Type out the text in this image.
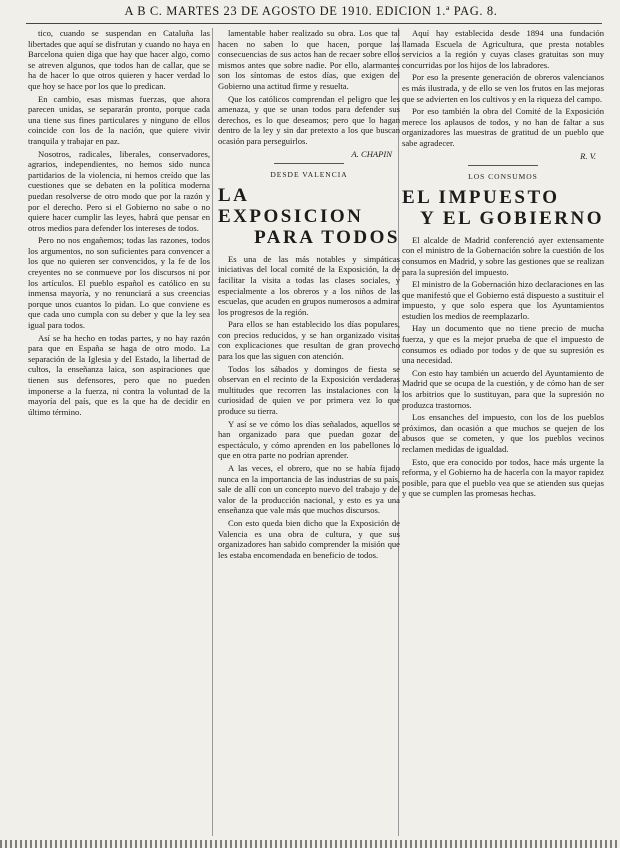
A B C. MARTES 23 DE AGOSTO DE 1910. EDICION 1.ª PAG. 8.

tico, cuando se suspendan en Cataluña las libertades que aquí se disfrutan y cuando no haya en Barcelona quien diga que hay que hacer algo, como se atreven algunos, que todos han de callar, que se ha de hacer lo que otros quieren y hacer verdad lo que hoy se hace por los que lo predican.

En cambio, esas mismas fuerzas, que ahora parecen unidas, se separarán pronto, porque cada una tiene sus fines particulares y ninguno de ellos coincide con los de la nación, que quiere vivir tranquila y trabajar en paz.

Nosotros, radicales, liberales, conservadores, agrarios, independientes, no hemos sido nunca partidarios de la violencia, ni hemos creído que las cuestiones que se debaten en la política moderna puedan resolverse de otro modo que por la razón y por el derecho. Pero si el Gobierno no sabe o no quiere hacer cumplir las leyes, habrá que pensar en otros medios para defender los intereses de todos.

Pero no nos engañemos; todas las razones, todos los argumentos, no son suficientes para convencer a los que no quieren ser convencidos, y la fe de los creyentes no se conmueve por los discursos ni por los artículos. El pueblo español es católico en su inmensa mayoría, y no renunciará a sus creencias porque unos cuantos lo pidan. Lo que conviene es que cada uno cumpla con su deber y que la ley sea igual para todos.

Así se ha hecho en todas partes, y no hay razón para que en España se haga de otro modo. La separación de la Iglesia y del Estado, la libertad de cultos, la enseñanza laica, son aspiraciones que tienen sus defensores, pero que no pueden imponerse a la fuerza, ni contra la voluntad de la mayoría del país, que es la que ha de decidir en último término.

lamentable haber realizado su obra. Los que tal hacen no saben lo que hacen, porque las consecuencias de sus actos han de recaer sobre ellos mismos antes que sobre nadie. Por ello, alarmantes son los síntomas de estos días, que exigen del Gobierno una actitud firme y resuelta.

Que los católicos comprendan el peligro que les amenaza, y que se unan todos para defender sus derechos, es lo que deseamos; pero que lo hagan dentro de la ley y sin dar pretexto a los que buscan ocasión para perseguirlos.

A. CHAPIN
DESDE VALENCIA
LA EXPOSICION
PARA TODOS

Es una de las más notables y simpáticas iniciativas del local comité de la Exposición, la de facilitar la visita a todas las clases sociales, y especialmente a los obreros y a los niños de las escuelas, que acuden en grupos numerosos a admirar los progresos de la región.

Para ellos se han establecido los días populares, con precios reducidos, y se han organizado visitas con explicaciones que resultan de gran provecho para los que las siguen con atención.

Todos los sábados y domingos de fiesta se observan en el recinto de la Exposición verdaderas multitudes que recorren las instalaciones con la curiosidad de quien ve por primera vez lo que produce su tierra.

Y así se ve cómo los días señalados, aquellos se han organizado para que puedan gozar del espectáculo, y cómo aprenden en los pabellones lo que en otra parte no podrían aprender.

A las veces, el obrero, que no se había fijado nunca en la importancia de las industrias de su país, sale de allí con un concepto nuevo del trabajo y del valor de la producción nacional, y esto es ya una enseñanza que vale más que muchos discursos.

Con esto queda bien dicho que la Exposición de Valencia es una obra de cultura, y que sus organizadores han sabido comprender la misión que les estaba encomendada en beneficio de todos.

Aquí hay establecida desde 1894 una fundación llamada Escuela de Agricultura, que presta notables servicios a la región y cuyas clases gratuitas son muy concurridas por los hijos de los labradores.

Por eso la presente generación de obreros valencianos es más ilustrada, y de ello se ven los frutos en las mejoras que se advierten en los cultivos y en la riqueza del campo.

Por eso también la obra del Comité de la Exposición merece los aplausos de todos, y no han de faltar a sus organizadores las muestras de gratitud de un pueblo que sabe agradecer.

R. V.
LOS CONSUMOS
EL IMPUESTO
Y EL GOBIERNO

El alcalde de Madrid conferenció ayer extensamente con el ministro de la Gobernación sobre la cuestión de los consumos en Madrid, y sobre las gestiones que se realizan para la supresión del impuesto.

El ministro de la Gobernación hizo declaraciones en las que manifestó que el Gobierno está dispuesto a sustituir el impuesto, y que solo espera que los Ayuntamientos estudien los medios de reemplazarlo.

Hay un documento que no tiene precio de mucha fuerza, y que es la mejor prueba de que el impuesto de consumos es odiado por todos y de que su supresión es una necesidad.

Con esto hay también un acuerdo del Ayuntamiento de Madrid que se ocupa de la cuestión, y de cómo han de ser los arbitrios que lo sustituyan, para que la supresión no produzca trastornos.

Los ensanches del impuesto, con los de los pueblos próximos, dan ocasión a que muchos se quejen de los abusos que se cometen, y que los pueblos vecinos reclamen medidas de igualdad.

Esto, que era conocido por todos, hace más urgente la reforma, y el Gobierno ha de hacerla con la mayor rapidez posible, para que el pueblo vea que se atienden sus quejas y que se cumplen las promesas hechas.
